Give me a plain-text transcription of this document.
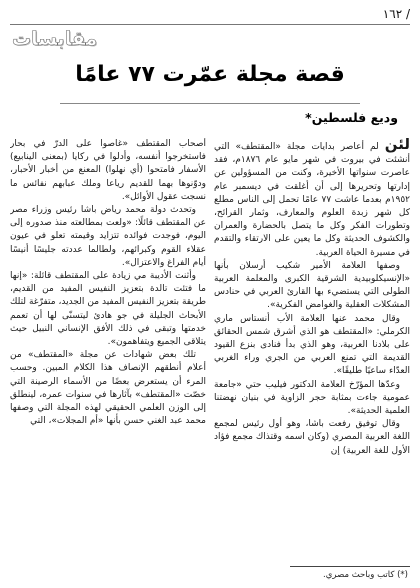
١٦٢ /
مقابسات
قصة مجلة عمّرت ٧٧ عامًا
وديع فلسطين*

لئن لم أعاصر بدايات مجلة «المقتطف» التي أنشئت في بيروت في شهر مايو عام ١٨٧٦م، فقد عاصرت سنواتها الأخيرة، وكنت من المسؤولين عن إدارتها وتحريرها إلى أن أغلقت في ديسمبر عام ١٩٥٢م بعدما عاشت ٧٧ عامًا تحمل إلى الناس مطلع كل شهر زبدة العلوم والمعارف، وثمار القرائح، وتطورات الفكر وكل ما يتصل بالحضارة والعمران والكشوف الحديثة وكل ما يعين على الارتقاء والتقدم في مسيرة الحياة العربية.

وصفها العلامة الأمير شكيب أرسلان بأنها «الإنسيكلوبيدية الشرقية الكبرى والمعلمة العربية الطولى التي يستضيء بها القارئ العربي في حنادس المشكلات العقلية والغوامض الفكرية».

وقال محمد عنها العلامة الأب أنستاس ماري الكرملي: «المقتطف هو الذي أشرق شمس الحقائق على بلادنا العربية، وهو الذي بدأ فنادى بنزع القيود القديمة التي تمنع العربي من الجري وراء الغربي العدّاء ساعيًا طليقًا».

وعدّها المؤرّخ العلامة الدكتور فيليب حتي «جامعة عمومية جاءت بمثابة حجر الزاوية في بنيان نهضتنا العلمية الحديثة».

وقال توفيق رفعت باشا، وهو أول رئيس لمجمع اللغة العربية المصري (وكان اسمه وقتذاك مجمع فؤاد الأول للغة العربية) إن

أصحاب المقتطف «غاصوا على الدرّ في بحار فاستخرجوا أنفسه، وأدلوا في ركايا (بمعنى الينابيع) الأسفار فامتحوا (أي نهلوا) المعنع من أخبار الأحبار، ودوّنوها بهما للقديم رياعا وملك عبابهم نفائس ما نسجت عقول الأوائل».

وتحدث دولة محمد رياض باشا رئيس وزراء مصر عن المقتطف قائلًا: «ولعت بمطالعته منذ صدوره إلى اليوم، فوجدت فوائده تتزايد وقيمته تعلو في عيون عقلاء القوم وكبرائهم، ولطالما عددته جليسًا أنيسًا أيام الفراغ والاعتزال».

وأثنت الأديبة مي زيادة على المقتطف قائلة: «إنها ما فتئت تالدة بتعزيز النفيس المفيد من القديم، طريقة بتعزيز النفيس المفيد من الجديد، متفرّغة لتلك الأبحاث الجليلة في جو هادئ ليتسنّى لها أن تعمم خدمتها وتبقى في ذلك الأفق الإنساني النبيل حيث يتلاقى الجميع ويتفاهمون».

تلك بعض شهادات عن مجلة «المقتطف» من أعلام أنطقهم الإنصاف هذا الكلام المبين. وحسب المرء أن يستعرض بعضًا من الأسماء الرصينة التي خصّت «المقتطف» بآثارها في سنوات عمره، لينطلق إلى الوزن العلمي الحقيقي لهذه المجلة التي وصفها محمد عبد الغني حسن بأنها «أم المجلات»، التي

(*) كاتب وباحث مصري.
